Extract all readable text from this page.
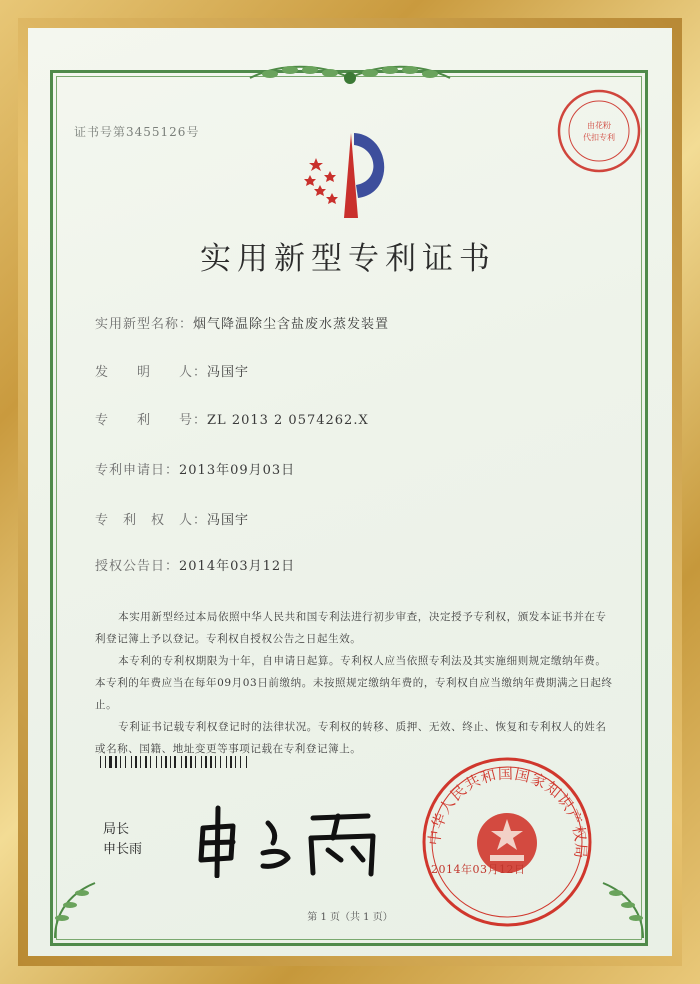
证书号第3455126号
实用新型专利证书
实用新型名称：烟气降温除尘含盐废水蒸发装置
发　　明　　人：冯国宇
专　　利　　号：ZL 2013 2 0574262.X
专利申请日：2013年09月03日
专　利　权　人：冯国宇
授权公告日：2014年03月12日

本实用新型经过本局依照中华人民共和国专利法进行初步审查，决定授予专利权，颁发本证书并在专利登记簿上予以登记。专利权自授权公告之日起生效。

本专利的专利权期限为十年，自申请日起算。专利权人应当依照专利法及其实施细则规定缴纳年费。本专利的年费应当在每年09月03日前缴纳。未按照规定缴纳年费的，专利权自应当缴纳年费期满之日起终止。

专利证书记载专利权登记时的法律状况。专利权的转移、质押、无效、终止、恢复和专利权人的姓名或名称、国籍、地址变更等事项记载在专利登记簿上。

局长
申长雨
由花粉
代扣专利
中华人民共和国国家知识产权局
2014年03月12日
第 1 页（共 1 页）
